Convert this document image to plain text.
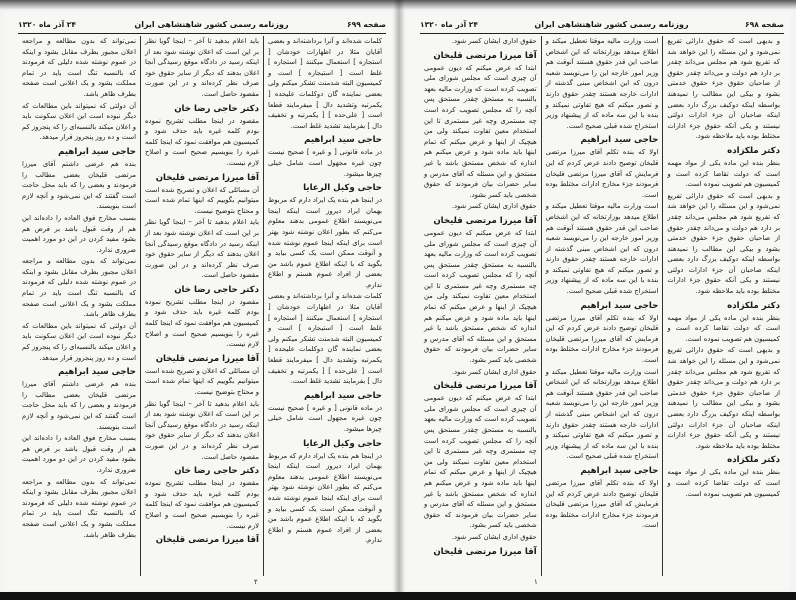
صفحه ۶۹۹
روزنامه رسمی کشور شاهنشاهی ایران
۲۴ آذر ماه ۱۳۲۰

کلمات شده‌اند و آنرا برداشته‌اند و بعضی آقایان مثلا در اظهارات خودشان [ استجاره ] استعمال میکنند [ استجاره ] غلط است [ استیجاره ] است و کمیسیون البته شدمنت تشکر میکنم ولی بعضی نماینده گان دوکلمات علیحده [ یکمرتبه وتشدید دال ] میفرمایند قطعا است [ علی‌حده ] [ یکمرتبه و تخفیف دال ] بفرمایند تشدید غلط است.

حاجی سید ابراهیم

در ماده قانونی [ و غیره ] صحیح نیست چون غیره مجهول است شامل خیلی چیزها میشود.

حاجی وکیل الرعایا

در اینجا هم بنده یک ایراد دارم که مربوط بهمان ایراد دیروز است اینکه اینجا می‌نویسند اطلاع عمومی بدهند معلوم می‌کنم که بطور اعلان نوشته شود بهتر است برای اینکه اینجا عموم نوشته شده و آنوقت ممکن است یک کسی بیاید و بگوید که با اینکه اطلاع عموم باشد من بعضی از افراد عموم هستم و اطلاع ندارم.

کلمات شده‌اند و آنرا برداشته‌اند و بعضی آقایان مثلا در اظهارات خودشان [ استجاره ] استعمال میکنند [ استجاره ] غلط است [ استیجاره ] است و کمیسیون البته شدمنت تشکر میکنم ولی بعضی نماینده گان دوکلمات علیحده [ یکمرتبه وتشدید دال ] میفرمایند قطعا است [ علی‌حده ] [ یکمرتبه و تخفیف دال ] بفرمایند تشدید غلط است.

حاجی سید ابراهیم

در ماده قانونی [ و غیره ] صحیح نیست چون غیره مجهول است شامل خیلی چیزها میشود.

حاجی وکیل الرعایا

در اینجا هم بنده یک ایراد دارم که مربوط بهمان ایراد دیروز است اینکه اینجا می‌نویسند اطلاع عمومی بدهند معلوم می‌کنم که بطور اعلان نوشته شود بهتر است برای اینکه اینجا عموم نوشته شده و آنوقت ممکن است یک کسی بیاید و بگوید که با اینکه اطلاع عموم باشد من بعضی از افراد عموم هستم و اطلاع ندارم.

باید اعلام بدهید تا آخر – اینجا گویا نظر بر این است که اعلان نوشته شود بعد از اینکه رسید در دادگاه موقع رسیدگی آنجا اعلان بدهند که دیگر از سایر حقوق خود صرف نظر کرده‌اند و در این صورت مقصود حاصل است.

دکتر حاجی رضا خان

مقصود در اینجا مطلب تشریح نموده بودم کلمه غیره باید حذف شود و کمیسیون هم موافقت نمود که اینجا کلمه غیره را بنویسیم صحیح است و اصلاح لازم نیست.

آقا میرزا مرتضی قلیخان

آن مسائلی که اعلان و تصریح شده است میتوانیم بگوییم که اینها تمام شده است و محتاج بتوضیح نیست.

باید اعلام بدهید تا آخر – اینجا گویا نظر بر این است که اعلان نوشته شود بعد از اینکه رسید در دادگاه موقع رسیدگی آنجا اعلان بدهند که دیگر از سایر حقوق خود صرف نظر کرده‌اند و در این صورت مقصود حاصل است.

دکتر حاجی رضا خان

مقصود در اینجا مطلب تشریح نموده بودم کلمه غیره باید حذف شود و کمیسیون هم موافقت نمود که اینجا کلمه غیره را بنویسیم صحیح است و اصلاح لازم نیست.

آقا میرزا مرتضی قلیخان

آن مسائلی که اعلان و تصریح شده است میتوانیم بگوییم که اینها تمام شده است و محتاج بتوضیح نیست.

باید اعلام بدهید تا آخر – اینجا گویا نظر بر این است که اعلان نوشته شود بعد از اینکه رسید در دادگاه موقع رسیدگی آنجا اعلان بدهند که دیگر از سایر حقوق خود صرف نظر کرده‌اند و در این صورت مقصود حاصل است.

دکتر حاجی رضا خان

مقصود در اینجا مطلب تشریح نموده بودم کلمه غیره باید حذف شود و کمیسیون هم موافقت نمود که اینجا کلمه غیره را بنویسیم صحیح است و اصلاح لازم نیست.

آقا میرزا مرتضی قلیخان

نمی‌تواند که بدون مطالعه و مراجعه اعلان مجبور بطرف مقابل بشود و اینکه در عموم نوشته شده دلیلی که فرمودند که بالنسبه تنگ است باید در تمام مملکت بشود و یک اعلانی است صفحه بطرف ظاهر باشد.

آن دولتی که نمیتواند باین مطالعات که دیگر نبوده است این اعلان سکونت باید و اعلان میکند بالنسبه‌ای را که پنجروز کم است و ده روز پنجروز قرار میدهد.

حاجی سید ابراهیم

بنده هم عرضی داشتم آقای میرزا مرتضی قلیخان بعضی مطالب را فرمودند و بعضی را که باید محل حاجت است گفتند که این نمی‌شود و آنچه لازم است بنویسند.

بسبب مخارج فوق العاده را داده‌اند این هم از وقت قبول باشد بر فرض هم بشود مفید کردن در این دو مورد اهمیت ضروری ندارد.

نمی‌تواند که بدون مطالعه و مراجعه اعلان مجبور بطرف مقابل بشود و اینکه در عموم نوشته شده دلیلی که فرمودند که بالنسبه تنگ است باید در تمام مملکت بشود و یک اعلانی است صفحه بطرف ظاهر باشد.

آن دولتی که نمیتواند باین مطالعات که دیگر نبوده است این اعلان سکونت باید و اعلان میکند بالنسبه‌ای را که پنجروز کم است و ده روز پنجروز قرار میدهد.

حاجی سید ابراهیم

بنده هم عرضی داشتم آقای میرزا مرتضی قلیخان بعضی مطالب را فرمودند و بعضی را که باید محل حاجت است گفتند که این نمی‌شود و آنچه لازم است بنویسند.

بسبب مخارج فوق العاده را داده‌اند این هم از وقت قبول باشد بر فرض هم بشود مفید کردن در این دو مورد اهمیت ضروری ندارد.

نمی‌تواند که بدون مطالعه و مراجعه اعلان مجبور بطرف مقابل بشود و اینکه در عموم نوشته شده دلیلی که فرمودند که بالنسبه تنگ است باید در تمام مملکت بشود و یک اعلانی است صفحه بطرف ظاهر باشد.

۲
صفحه ۶۹۸
روزنامه رسمی کشور شاهنشاهی ایران
۲۴ آذر ماه ۱۳۲۰

و بدیهی است که حقوق دارائی تفریع نمی‌شود و این مسئله را این خواهد شد که تفریع شود هم مجلس می‌داند چقدر بر دارد هم دولت و می‌داند چقدر حقوق از صاحبان حقوق جزء حقوق خدمتی بشود و بیکی این مطالب را نمیدهند بواسطه اینکه دوکیف بزرگ دارد بعضی اینکه صاحبان آن جزء ادارات دولتی نیستند و یکی آنکه حقوق جزء ادارات مختلط بوده باید ملاحظه شود.

دکتر ملکزاده

بنظر بنده این ماده یکی از مواد مهمه است که دولت تقاضا کرده است و کمیسیون هم تصویب نموده است.

و بدیهی است که حقوق دارائی تفریع نمی‌شود و این مسئله را این خواهد شد که تفریع شود هم مجلس می‌داند چقدر بر دارد هم دولت و می‌داند چقدر حقوق از صاحبان حقوق جزء حقوق خدمتی بشود و بیکی این مطالب را نمیدهند بواسطه اینکه دوکیف بزرگ دارد بعضی اینکه صاحبان آن جزء ادارات دولتی نیستند و یکی آنکه حقوق جزء ادارات مختلط بوده باید ملاحظه شود.

دکتر ملکزاده

بنظر بنده این ماده یکی از مواد مهمه است که دولت تقاضا کرده است و کمیسیون هم تصویب نموده است.

و بدیهی است که حقوق دارائی تفریع نمی‌شود و این مسئله را این خواهد شد که تفریع شود هم مجلس می‌داند چقدر بر دارد هم دولت و می‌داند چقدر حقوق از صاحبان حقوق جزء حقوق خدمتی بشود و بیکی این مطالب را نمیدهند بواسطه اینکه دوکیف بزرگ دارد بعضی اینکه صاحبان آن جزء ادارات دولتی نیستند و یکی آنکه حقوق جزء ادارات مختلط بوده باید ملاحظه شود.

دکتر ملکزاده

بنظر بنده این ماده یکی از مواد مهمه است که دولت تقاضا کرده است و کمیسیون هم تصویب نموده است.

است وزارت مالیه موقتا تعطیل میکند و اطلاع میدهد بوزارتخانه که این اشخاص صاحب این قدر حقوق هستند آنوقت هم وزیر امور خارجه این را می‌نویسد شعبه درون که این اشخاص مبنی گذشته از ادارات خارجه هستند چقدر حقوق دارند و تصور میکنم که هیچ تفاوتی نمیکند و بنده با این سه ماده که از پیشنهاد وزیر استخراج شده قبلی صحیح است.

حاجی سید ابراهیم

اولا که بنده تکلم آقای میرزا مرتضی قلیخان توضیح دادند عرض کردم که این فرمایش که آقای میرزا مرتضی قلیخان فرمودند جزء مخارج ادارات مختلط بوده است.

است وزارت مالیه موقتا تعطیل میکند و اطلاع میدهد بوزارتخانه که این اشخاص صاحب این قدر حقوق هستند آنوقت هم وزیر امور خارجه این را می‌نویسد شعبه درون که این اشخاص مبنی گذشته از ادارات خارجه هستند چقدر حقوق دارند و تصور میکنم که هیچ تفاوتی نمیکند و بنده با این سه ماده که از پیشنهاد وزیر استخراج شده قبلی صحیح است.

حاجی سید ابراهیم

اولا که بنده تکلم آقای میرزا مرتضی قلیخان توضیح دادند عرض کردم که این فرمایش که آقای میرزا مرتضی قلیخان فرمودند جزء مخارج ادارات مختلط بوده است.

است وزارت مالیه موقتا تعطیل میکند و اطلاع میدهد بوزارتخانه که این اشخاص صاحب این قدر حقوق هستند آنوقت هم وزیر امور خارجه این را می‌نویسد شعبه درون که این اشخاص مبنی گذشته از ادارات خارجه هستند چقدر حقوق دارند و تصور میکنم که هیچ تفاوتی نمیکند و بنده با این سه ماده که از پیشنهاد وزیر استخراج شده قبلی صحیح است.

حاجی سید ابراهیم

اولا که بنده تکلم آقای میرزا مرتضی قلیخان توضیح دادند عرض کردم که این فرمایش که آقای میرزا مرتضی قلیخان فرمودند جزء مخارج ادارات مختلط بوده است.

حقوق اداری ایشان کسر شود.

آقا میرزا مرتضی قلیخان

ابتدا که عرض میکنم که دیون عمومی آن چیزی است که مجلس شورای ملی تصویب کرده است که وزارت مالیه بعهد بالنسبه به مستحق چقدر مستحق پس آنچه را که مجلس تصویب کرده است چه مستمری وچه غیر مستمری تا این استخدام معین تفاوت نمیکند ولی من هیچیک از اینها و عرض میکنم که تمام اینها باید ماده شود و عرض میکنم هم اندازه که شخص مستحق باشد یا غیر مستحق و این مسئله که آقای مدرس و سایر حضرات بیان فرمودند که حقوق شخصی باید کسر بشود.

حقوق اداری ایشان کسر شود.

آقا میرزا مرتضی قلیخان

ابتدا که عرض میکنم که دیون عمومی آن چیزی است که مجلس شورای ملی تصویب کرده است که وزارت مالیه بعهد بالنسبه به مستحق چقدر مستحق پس آنچه را که مجلس تصویب کرده است چه مستمری وچه غیر مستمری تا این استخدام معین تفاوت نمیکند ولی من هیچیک از اینها و عرض میکنم که تمام اینها باید ماده شود و عرض میکنم هم اندازه که شخص مستحق باشد یا غیر مستحق و این مسئله که آقای مدرس و سایر حضرات بیان فرمودند که حقوق شخصی باید کسر بشود.

حقوق اداری ایشان کسر شود.

آقا میرزا مرتضی قلیخان

ابتدا که عرض میکنم که دیون عمومی آن چیزی است که مجلس شورای ملی تصویب کرده است که وزارت مالیه بعهد بالنسبه به مستحق چقدر مستحق پس آنچه را که مجلس تصویب کرده است چه مستمری وچه غیر مستمری تا این استخدام معین تفاوت نمیکند ولی من هیچیک از اینها و عرض میکنم که تمام اینها باید ماده شود و عرض میکنم هم اندازه که شخص مستحق باشد یا غیر مستحق و این مسئله که آقای مدرس و سایر حضرات بیان فرمودند که حقوق شخصی باید کسر بشود.

حقوق اداری ایشان کسر شود.

آقا میرزا مرتضی قلیخان
۱
